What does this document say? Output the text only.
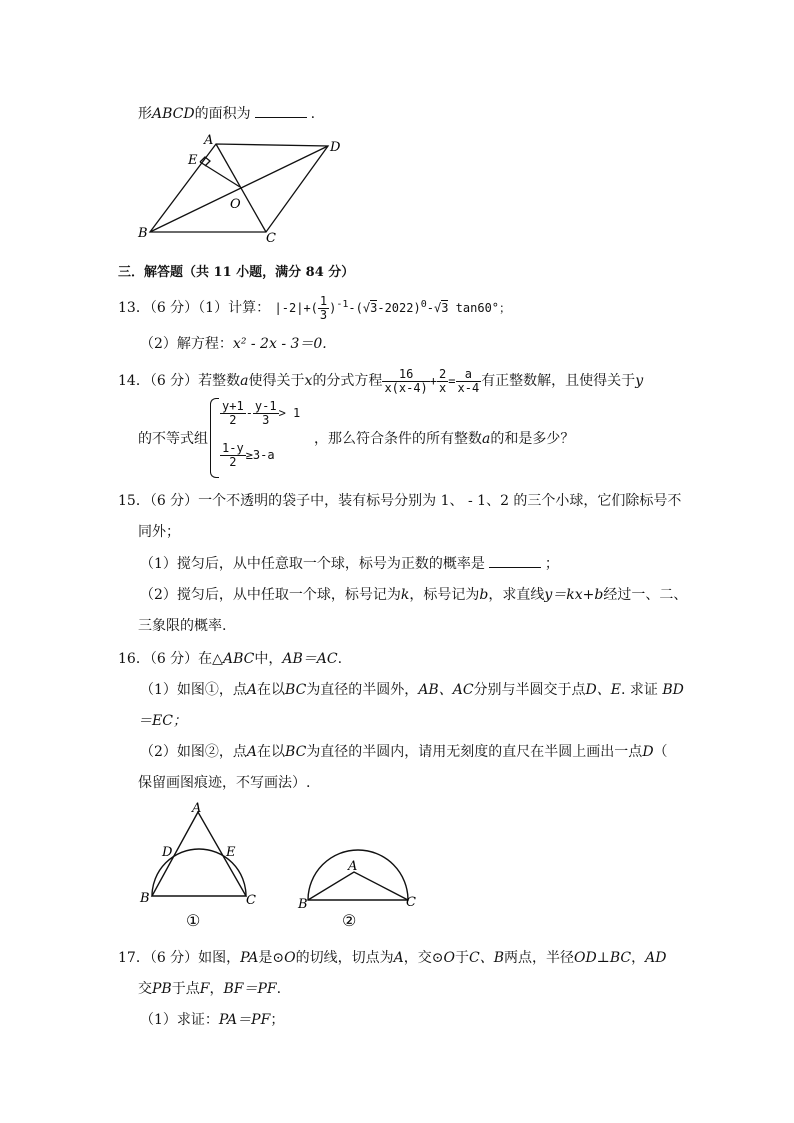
形ABCD的面积为	.
A	D
E
O
B	C
三．解答题（共 11 小题，满分 84 分）
13．（6 分）（1）计算： $|-2|+( \frac{1}{3} )^{-1}-(√3-2022)^0-√3$ tan60°；
（2）解方程：x² - 2x - 3＝0.
14．（6 分）若整数a使得关于x的分式方程 $\frac{16}{x(x-4)} + \frac{2}{x} = \frac{a}{x-4}$ 有正整数解，且使得关于y
的不等式组
$\frac{y+1}{2} - \frac{y-1}{3} > 1$
$\frac{1-y}{2} \ge 3-a$
，那么符合条件的所有整数a的和是多少？
15．（6 分）一个不透明的袋子中，装有标号分别为 1、 - 1、2 的三个小球，它们除标号不
同外；
（1）搅匀后，从中任意取一个球，标号为正数的概率是	；
（2）搅匀后，从中任取一个球，标号记为k，标号记为b，求直线y＝kx+b经过一、二、
三象限的概率.
16．（6 分）在△ABC中，AB＝AC.
（1）如图①，点A在以BC为直径的半圆外，AB、AC分别与半圆交于点D、E. 求证 BD
＝EC；
（2）如图②，点A在以BC为直径的半圆内，请用无刻度的直尺在半圆上画出一点D（
保留画图痕迹，不写画法）.
A
D	E
B	C
①
A
B	C
②
17．（6 分）如图，PA是⊙O的切线，切点为A，交⊙O于C、B两点，半径OD⊥BC，AD
交PB于点F，BF＝PF.
（1）求证：PA＝PF；
